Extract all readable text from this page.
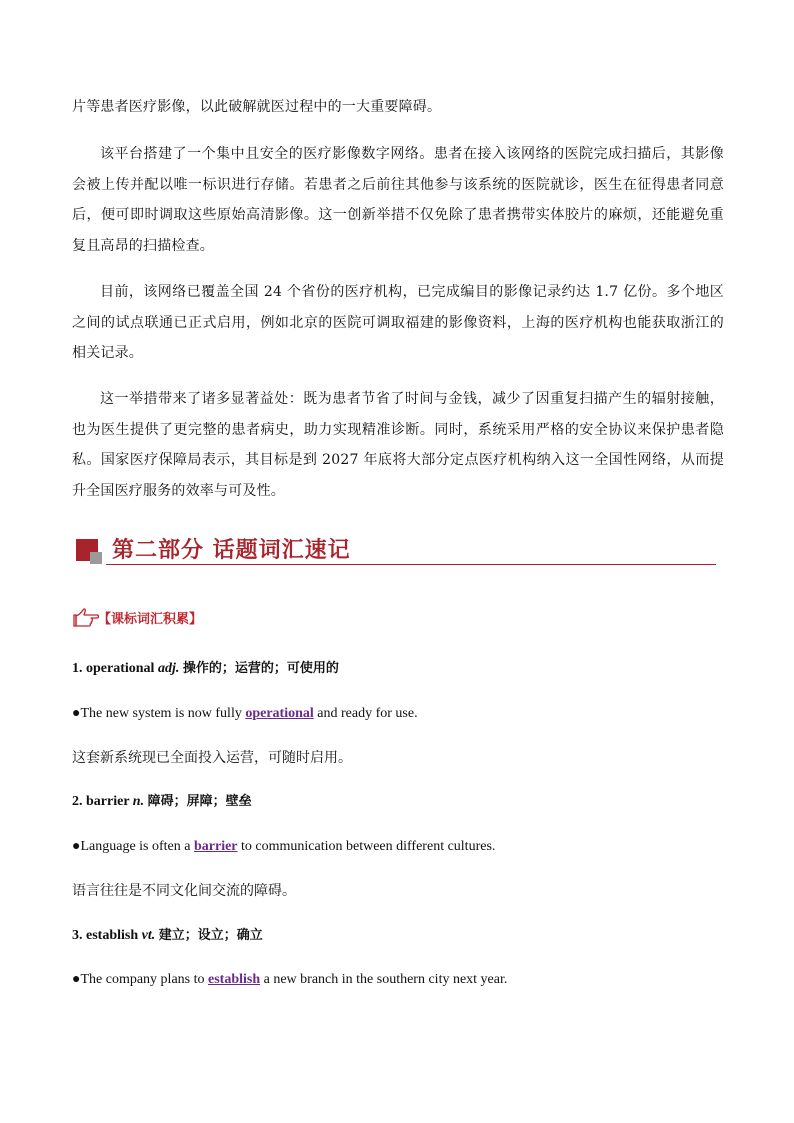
片等患者医疗影像，以此破解就医过程中的一大重要障碍。

该平台搭建了一个集中且安全的医疗影像数字网络。患者在接入该网络的医院完成扫描后，其影像会被上传并配以唯一标识进行存储。若患者之后前往其他参与该系统的医院就诊，医生在征得患者同意后，便可即时调取这些原始高清影像。这一创新举措不仅免除了患者携带实体胶片的麻烦，还能避免重复且高昂的扫描检查。

目前，该网络已覆盖全国 24 个省份的医疗机构，已完成编目的影像记录约达 1.7 亿份。多个地区之间的试点联通已正式启用，例如北京的医院可调取福建的影像资料，上海的医疗机构也能获取浙江的相关记录。

这一举措带来了诸多显著益处：既为患者节省了时间与金钱，减少了因重复扫描产生的辐射接触，也为医生提供了更完整的患者病史，助力实现精准诊断。同时，系统采用严格的安全协议来保护患者隐私。国家医疗保障局表示，其目标是到 2027 年底将大部分定点医疗机构纳入这一全国性网络，从而提升全国医疗服务的效率与可及性。

第二部分 话题词汇速记
【课标词汇积累】
1. operational adj. 操作的；运营的；可使用的
●The new system is now fully operational and ready for use.
这套新系统现已全面投入运营，可随时启用。
2. barrier n. 障碍；屏障；壁垒
●Language is often a barrier to communication between different cultures.
语言往往是不同文化间交流的障碍。
3. establish vt. 建立；设立；确立
●The company plans to establish a new branch in the southern city next year.
